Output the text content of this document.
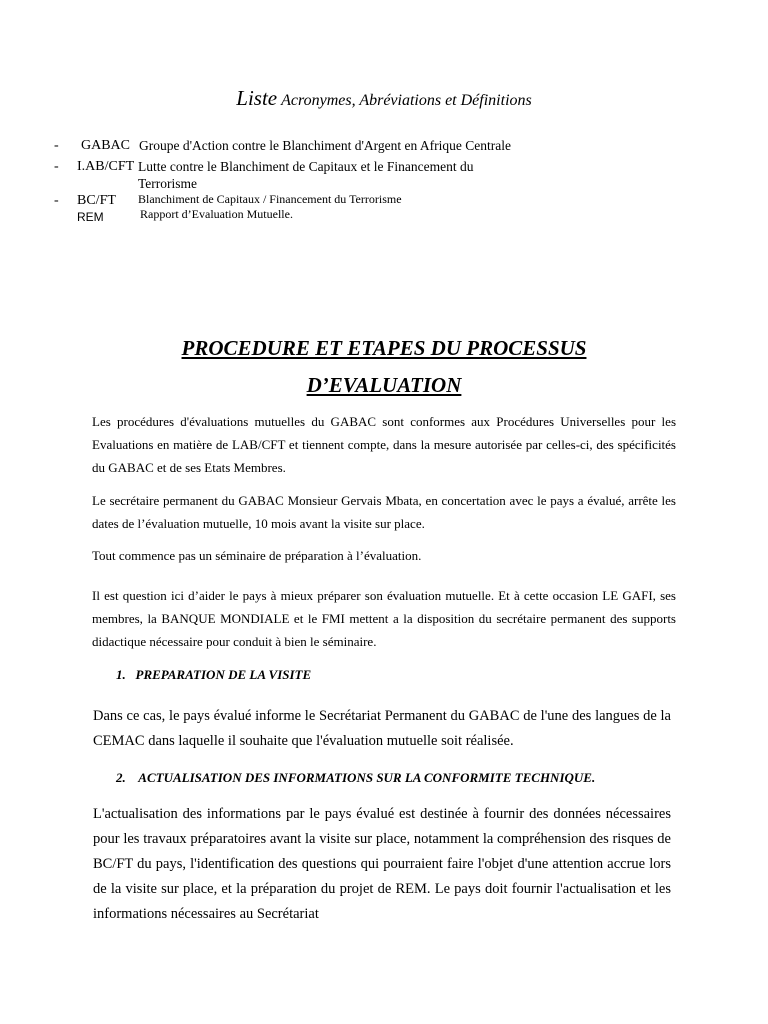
Liste Acronymes, Abréviations et Définitions
- GABAC Groupe d'Action contre le Blanchiment d'Argent en Afrique Centrale
- I.AB/CFT Lutte contre le Blanchiment de Capitaux et le Financement du
Terrorisme
- BC/FT Blanchiment de Capitaux / Financement du Terrorisme
REM	Rapport d’Evaluation Mutuelle.
PROCEDURE ET ETAPES DU PROCESSUS
D’EVALUATION

Les procédures d'évaluations mutuelles du GABAC sont conformes aux Procédures Universelles pour les Evaluations en matière de LAB/CFT et tiennent compte, dans la mesure autorisée par celles-ci, des spécificités du GABAC et de ses Etats Membres.

Le secrétaire permanent du GABAC Monsieur Gervais Mbata, en concertation avec le pays a évalué, arrête les dates de l’évaluation mutuelle, 10 mois avant la visite sur place.

Tout commence pas un séminaire de préparation à l’évaluation.

Il est question ici d’aider le pays à mieux préparer son évaluation mutuelle. Et à cette occasion LE GAFI, ses membres, la BANQUE MONDIALE et le FMI mettent a la disposition du secrétaire permanent des supports didactique nécessaire pour conduit à bien le séminaire.

1. PREPARATION DE LA VISITE

Dans ce cas, le pays évalué informe le Secrétariat Permanent du GABAC de l'une des langues de la CEMAC dans laquelle il souhaite que l'évaluation mutuelle soit réalisée.

2. ACTUALISATION DES INFORMATIONS SUR LA CONFORMITE TECHNIQUE.

L'actualisation des informations par le pays évalué est destinée à fournir des données nécessaires pour les travaux préparatoires avant la visite sur place, notamment la compréhension des risques de BC/FT du pays, l'identification des questions qui pourraient faire l'objet d'une attention accrue lors de la visite sur place, et la préparation du projet de REM. Le pays doit fournir l'actualisation et les informations nécessaires au Secrétariat
